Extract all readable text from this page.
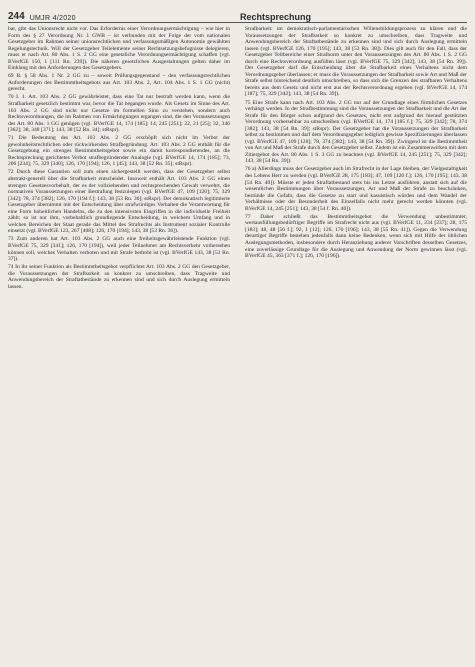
244 UMJR 4/2020	Rechtsprechung

bar, gibt das Unionsrecht nicht vor. Das Erfordernis einer Verordnungsermächtigung – wie hier in Form des § 27 Verordnung Nr. 1 GWB – ist verbunden mit der Folge der vom nationalen Gesetzgeber im Rahmen seiner unionsrechtlichen und verfassungsmäßigen Autonomie gewählten Regelungstechnik. Will der Gesetzgeber Teilelemente seiner Rechtsetzungsbefugnisse delegieren, muss er nach Art. 80 Abs. 1 S. 2 GG eine gesetzliche Verordnungsermächtigung schaffen (vgl. BVerfGE 150, 1 [111 Rn. 239]). Die näheren gesetzlichen Ausgestaltungen gelten daher im Einklang mit den Anforderungen des Gesetzgebers.

69 B. § 58 Abs. 1 Nr. 2 GG zu – soweit Prüfungsgegenstand – den verfassungsrechtlichen Anforderungen des Bestimmtheitsgebots aus Art. 103 Abs. 2, Art. 104 Abs. 1 S. 1 GG (nicht) gerecht.

70 I. 1. Art. 103 Abs. 2 GG gewährleistet, dass eine Tat nur bestraft werden kann, wenn die Strafbarkeit gesetzlich bestimmt war, bevor die Tat begangen wurde. Als Gesetz im Sinne des Art. 103 Abs. 2 GG sind nicht nur Gesetze im formellen Sinn zu verstehen, sondern auch Rechtsverordnungen, die im Rahmen von Ermächtigungen ergangen sind, die den Voraussetzungen des Art. 80 Abs. 1 GG genügen (vgl. BVerfGE 14, 174 [185]; 14, 245 [251]; 22, 21 [25]; 32, 346 [362]; 38, 348 [371]; 143, 38 [52 Rn. 34]; stRspr).

71 Die Bedeutung des Art. 103 Abs. 2 GG erschöpft sich nicht im Verbot der gewohnheitsrechtlichen oder rückwirkenden Strafbegründung. Art. 103 Abs. 2 GG enthält für die Gesetzgebung ein strenges Bestimmtheitsgebot sowie ein damit korrespondierendes, an die Rechtsprechung gerichtetes Verbot strafbegründender Analogie (vgl. BVerfGE 14, 174 [185]; 73, 206 [234]; 75, 329 [340]; 126, 170 [194]; 126, 1 [45]; 143, 38 [52 Rn. 35]; stRspr).

72 Durch diese Garantien soll zum einen sichergestellt werden, dass der Gesetzgeber selbst abstrakt-generell über die Strafbarkeit entscheidet. Insoweit enthält Art. 103 Abs. 2 GG einen strengen Gesetzesvorbehalt, der es der vollziehenden und rechtsprechenden Gewalt verwehrt, die normativen Voraussetzungen einer Bestrafung festzulegen (vgl. BVerfGE 47, 109 [120]; 75, 329 [342]; 78, 374 [382]; 126, 170 [194 f.]; 143, 38 [53 Rn. 36]; stRspr). Der demokratisch legitimierte Gesetzgeber übernimmt mit der Entscheidung über strafwürdiges Verhalten die Verantwortung für eine Form hoheitlichen Handelns, die zu den intensivsten Eingriffen in die individuelle Freiheit zählt; so ist nur ihm, vorbehaltlich grundlegende Entscheidung, in welchem Umfang und in welchen Bereichen der Staat gerade das Mittel des Strafrechts als Instrument sozialer Kontrolle einsetzt (vgl. BVerfGE 123, 267 [408]; 126, 170 [194]; 143, 38 [53 Rn. 36]).

73 Zum anderen hat Art. 103 Abs. 2 GG auch eine freiheitsgewährleistende Funktion (vgl. BVerfGE 75, 329 [341]; 126, 170 [194]), weil jeder Teilnehmer am Rechtsverkehr vorhersehen können soll, welches Verhalten verboten und mit Strafe bedroht ist (vgl. BVerfGE 143, 38 [53 Rn. 37]).

74 In ihr seiner Funktion als Bestimmtheitsgebot verpflichtet Art. 103 Abs. 2 GG den Gesetzgeber, die Voraussetzungen der Strafbarkeit so konkret zu umschreiben, dass Tragweite und Anwendungsbereich der Straftatbestände zu erkennen sind und sich durch Auslegung ermitteln lassen.

Strafbarkeit: im demokratisch-parlamentarischen Willensbildungsprozess zu klären und die Voraussetzungen der Strafbarkeit so konkret zu umschreiben, dass Tragweite und Anwendungsbereich der Straftatbestände zu erkennen sind und sich durch Auslegung ermitteln lassen (vgl. BVerfGE 126, 170 [195]; 143, 38 [53 Rn. 38]). Dies gilt auch für den Fall, dass der Gesetzgeber Teilbereiche einer Strafnorm unter den Voraussetzungen des Art. 80 Abs. 1 S. 2 GG durch eine Rechtsverordnung ausfüllen lässt (vgl. BVerfGE 75, 329 [342]; 143, 38 [54 Rn. 39]). Der Gesetzgeber darf die Entscheidung über die Strafbarkeit eines Verhaltens nicht dem Verordnungsgeber überlassen; er muss die Voraussetzungen der Strafbarkeit sowie Art und Maß der Strafe selbst hinreichend deutlich umschreiben, so dass sich die Grenzen des strafbaren Verhaltens bereits aus dem Gesetz und nicht erst aus der Rechtsverordnung ergeben (vgl. BVerfGE 14, 174 [187]; 75, 329 [342]; 143, 38 [54 Rn. 39]).

75 Eine Strafe kann nach Art. 103 Abs. 2 GG nur auf der Grundlage eines förmlichen Gesetzes verhängt werden. In der Strafbestimmung sind die Voraussetzungen der Strafbarkeit und die Art der Strafe für den Bürger schon aufgrund des Gesetzes, nicht erst aufgrund der hierauf gestützten Verordnung vorhersehbar zu umschreiben (vgl. BVerfGE 14, 174 [185 f.]; 75, 329 [342]; 78, 374 [382]; 143, 38 [54 Rn. 39]; stRspr). Der Gesetzgeber hat die Voraussetzungen der Strafbarkeit selbst zu bestimmen und darf dem Verordnungsgeber lediglich gewisse Spezifizierungen überlassen (vgl. BVerfGE 47, 109 [120]; 78, 374 [382]; 143, 38 [54 Rn. 39]). Zwingend ist die Bestimmtheit von Art und Maß der Strafe durch den Gesetzgeber selbst. Zudem ist ein Zusammenwirken mit dem Zitiergebot des Art. 80 Abs. 1 S. 3 GG zu beachten (vgl. BVerfGE 14, 245 [251]; 75, 329 [342]; 143, 38 [54 Rn. 39]).

76 a) Allerdings muss der Gesetzgeber auch im Strafrecht in der Lage bleiben, der Vielgestaltigkeit des Lebens Herr zu werden (vgl. BVerfGE 28, 175 [183]; 47, 109 [120 f.]; 126, 170 [195]; 143, 38 [54 Rn. 40]). Müsste er jeden Straftatbestand stets bis ins Letzte ausführen, anstatt sich auf die wesentlichen Bestimmungen über Voraussetzungen, Art und Maß der Strafe zu beschränken, bestünde die Gefahr, dass die Gesetze zu starr und kasuistisch würden und dem Wandel der Verhältnisse oder der Besonderheit des Einzelfalls nicht mehr gerecht werden könnten (vgl. BVerfGE 14, 245 [251]; 143, 38 [54 f. Rn. 40]).

77 Daher schließt das Bestimmtheitsgebot die Verwendung unbestimmter, wertausfüllungsbedürftiger Begriffe im Strafrecht nicht aus (vgl. BVerfGE 11, 234 [237]; 28, 175 [183]; 48, 48 [56 f.]; 92, 1 [12]; 126, 170 [196]; 143, 38 [55 Rn. 41]). Gegen die Verwendung derartiger Begriffe bestehen jedenfalls dann keine Bedenken, wenn sich mit Hilfe der üblichen Auslegungsmethoden, insbesondere durch Heranziehung anderer Vorschriften desselben Gesetzes, eine zuverlässige Grundlage für die Auslegung und Anwendung der Norm gewinnen lässt (vgl. BVerfGE 45, 363 [371 f.]; 126, 170 [196]).
